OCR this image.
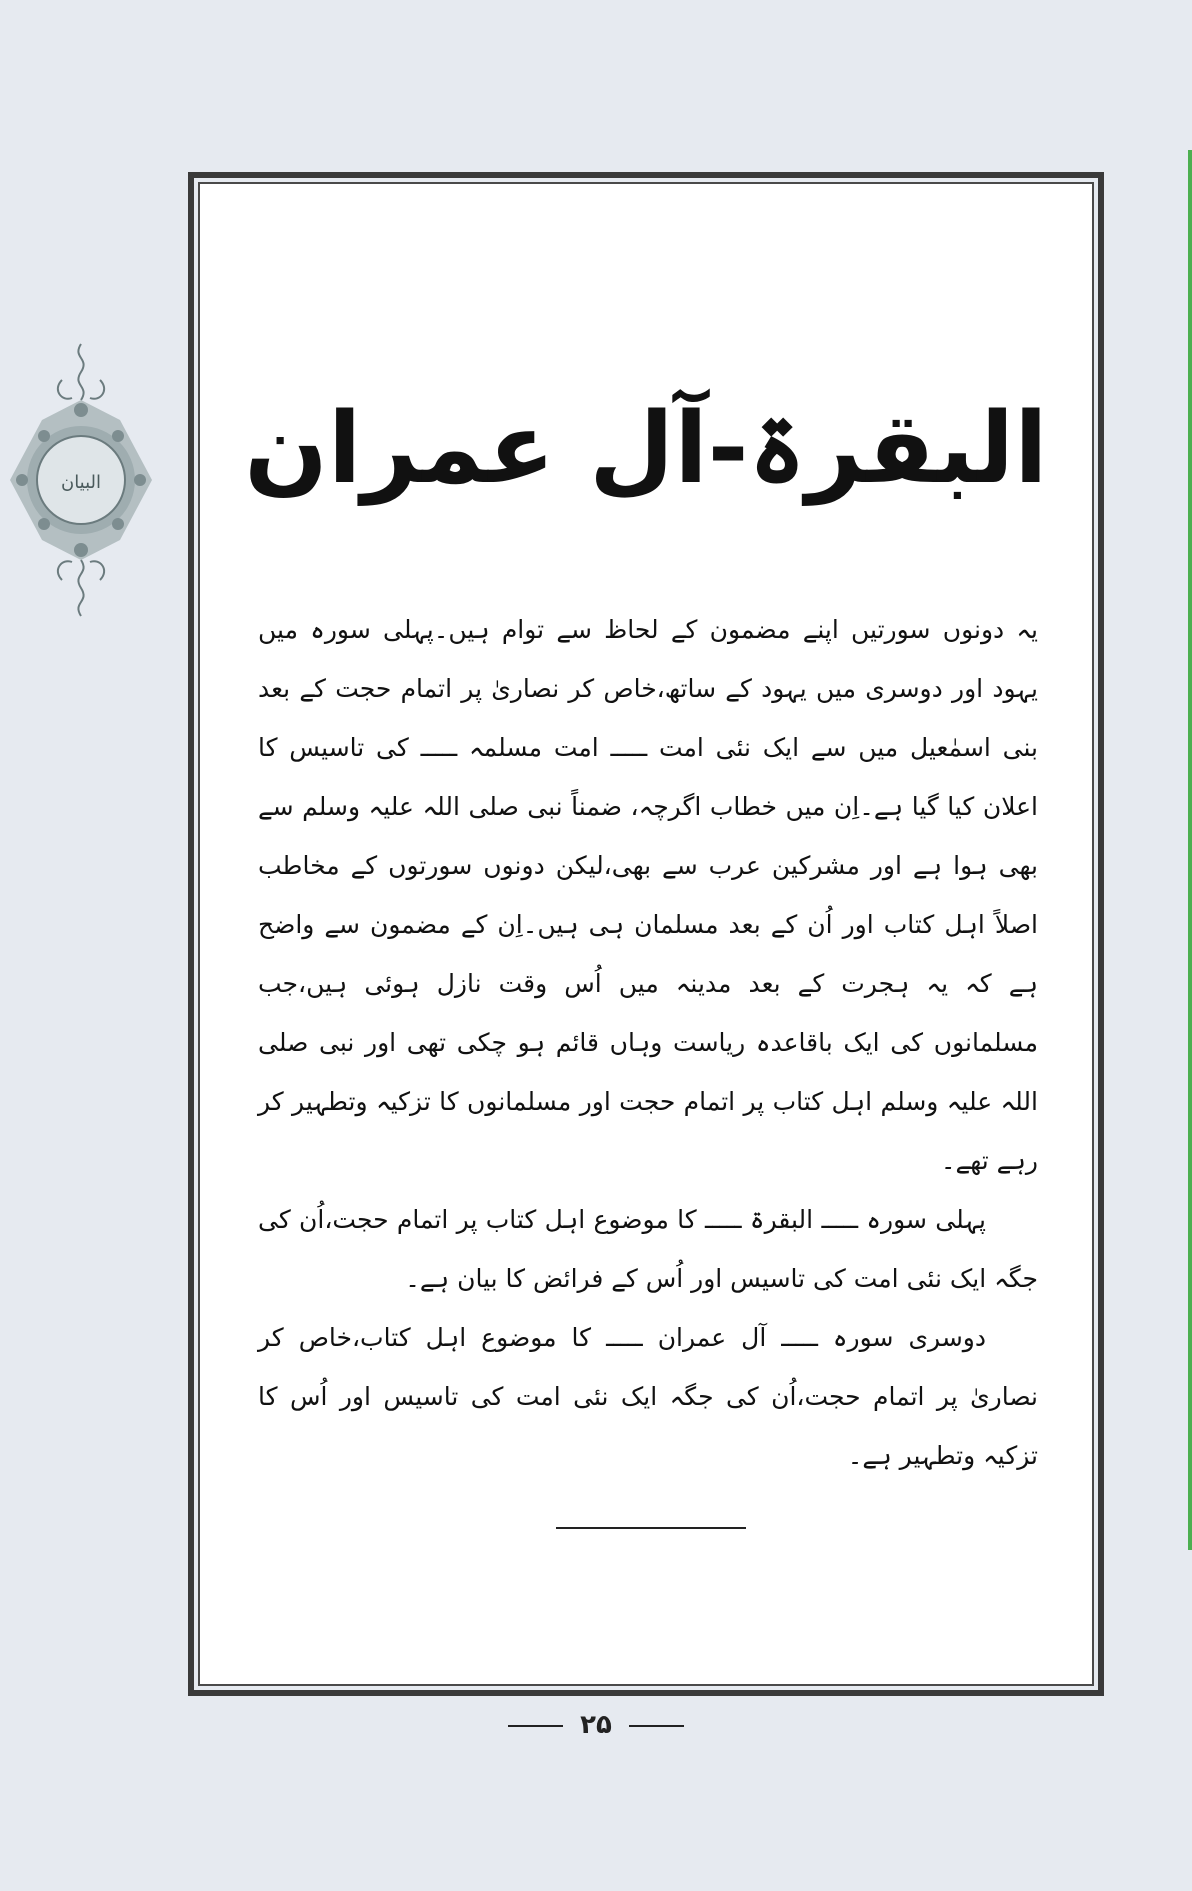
البیان	البقرۃ-آل عمران

یہ دونوں سورتیں اپنے مضمون کے لحاظ سے توام ہیں۔پہلی سورہ میں یہود اور دوسری میں یہود کے ساتھ،خاص کر نصاریٰ پر اتمام حجت کے بعد بنی اسمٰعیل میں سے ایک نئی امت ـــــ امت مسلمہ ـــــ کی تاسیس کا اعلان کیا گیا ہے۔اِن میں خطاب اگرچہ، ضمناً نبی صلی اللہ علیہ وسلم سے بھی ہوا ہے اور مشرکین عرب سے بھی،لیکن دونوں سورتوں کے مخاطب اصلاً اہل کتاب اور اُن کے بعد مسلمان ہی ہیں۔اِن کے مضمون سے واضح ہے کہ یہ ہجرت کے بعد مدینہ میں اُس وقت نازل ہوئی ہیں،جب مسلمانوں کی ایک باقاعدہ ریاست وہاں قائم ہو چکی تھی اور نبی صلی اللہ علیہ وسلم اہل کتاب پر اتمام حجت اور مسلمانوں کا تزکیہ وتطہیر کر رہے تھے۔

پہلی سورہ ـــــ البقرۃ ـــــ کا موضوع اہل کتاب پر اتمام حجت،اُن کی جگہ ایک نئی امت کی تاسیس اور اُس کے فرائض کا بیان ہے۔

دوسری سورہ ـــــ آل عمران ـــــ کا موضوع اہل کتاب،خاص کر نصاریٰ پر اتمام حجت،اُن کی جگہ ایک نئی امت کی تاسیس اور اُس کا تزکیہ وتطہیر ہے۔

۲۵
